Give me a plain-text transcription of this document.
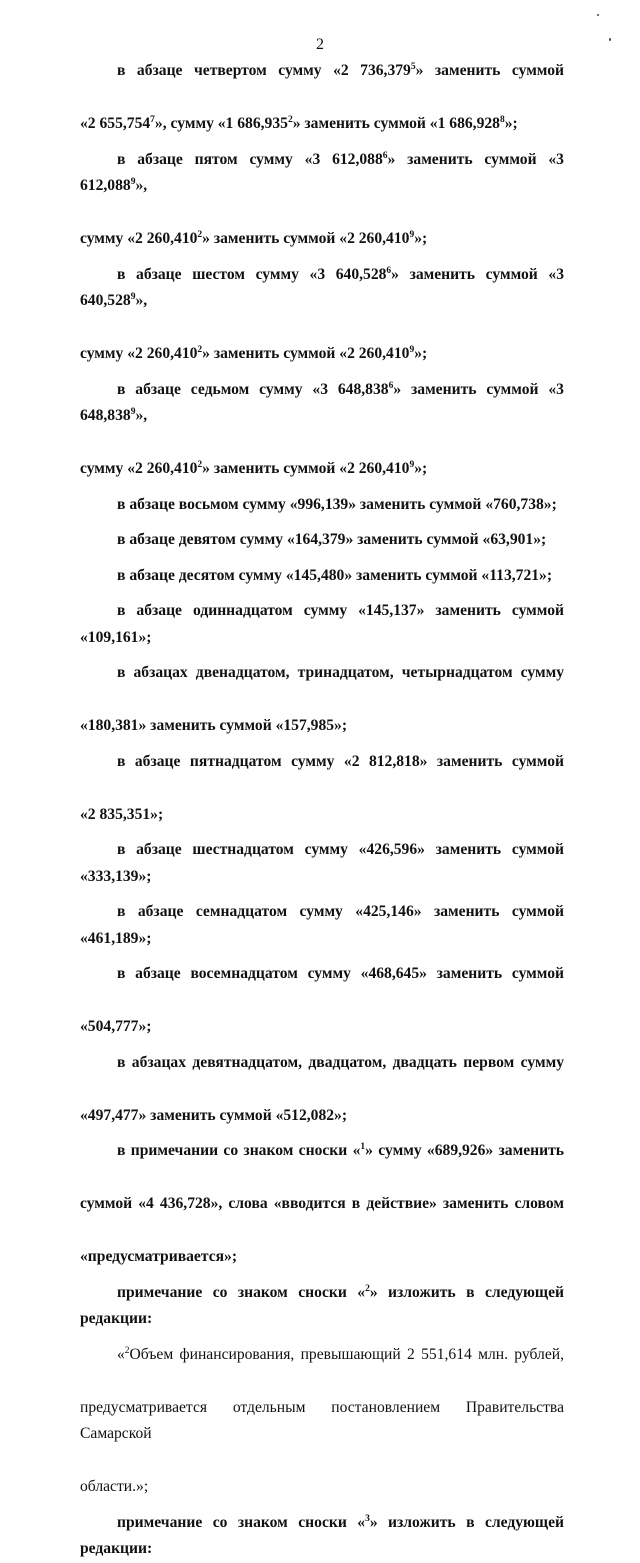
2

в абзаце четвертом сумму «2 736,379$^5$» заменить суммой«2 655,754$^7$», сумму «1 686,935$^2$» заменить суммой «1 686,928$^8$»;

в абзаце пятом сумму «3 612,088$^6$» заменить суммой «3 612,088$^9$»,сумму «2 260,410$^2$» заменить суммой «2 260,410$^9$»;

в абзаце шестом сумму «3 640,528$^6$» заменить суммой «3 640,528$^9$»,сумму «2 260,410$^2$» заменить суммой «2 260,410$^9$»;

в абзаце седьмом сумму «3 648,838$^6$» заменить суммой «3 648,838$^9$»,сумму «2 260,410$^2$» заменить суммой «2 260,410$^9$»;

в абзаце восьмом сумму «996,139» заменить суммой «760,738»;

в абзаце девятом сумму «164,379» заменить суммой «63,901»;

в абзаце десятом сумму «145,480» заменить суммой «113,721»;

в абзаце одиннадцатом сумму «145,137» заменить суммой «109,161»;

в абзацах двенадцатом, тринадцатом, четырнадцатом сумму«180,381» заменить суммой «157,985»;

в абзаце пятнадцатом сумму «2 812,818» заменить суммой«2 835,351»;

в абзаце шестнадцатом сумму «426,596» заменить суммой «333,139»;

в абзаце семнадцатом сумму «425,146» заменить суммой «461,189»;

в абзаце восемнадцатом сумму «468,645» заменить суммой«504,777»;

в абзацах девятнадцатом, двадцатом, двадцать первом сумму«497,477» заменить суммой «512,082»;

в примечании со знаком сноски «$^1$» сумму «689,926» заменитьсуммой «4 436,728», слова «вводится в действие» заменить словом«предусматривается»;

примечание со знаком сноски «$^2$» изложить в следующей редакции:

«$^2$Объем финансирования, превышающий 2 551,614 млн. рублей,предусматривается отдельным постановлением Правительства Самарскойобласти.»;

примечание со знаком сноски «$^3$» изложить в следующей редакции:
